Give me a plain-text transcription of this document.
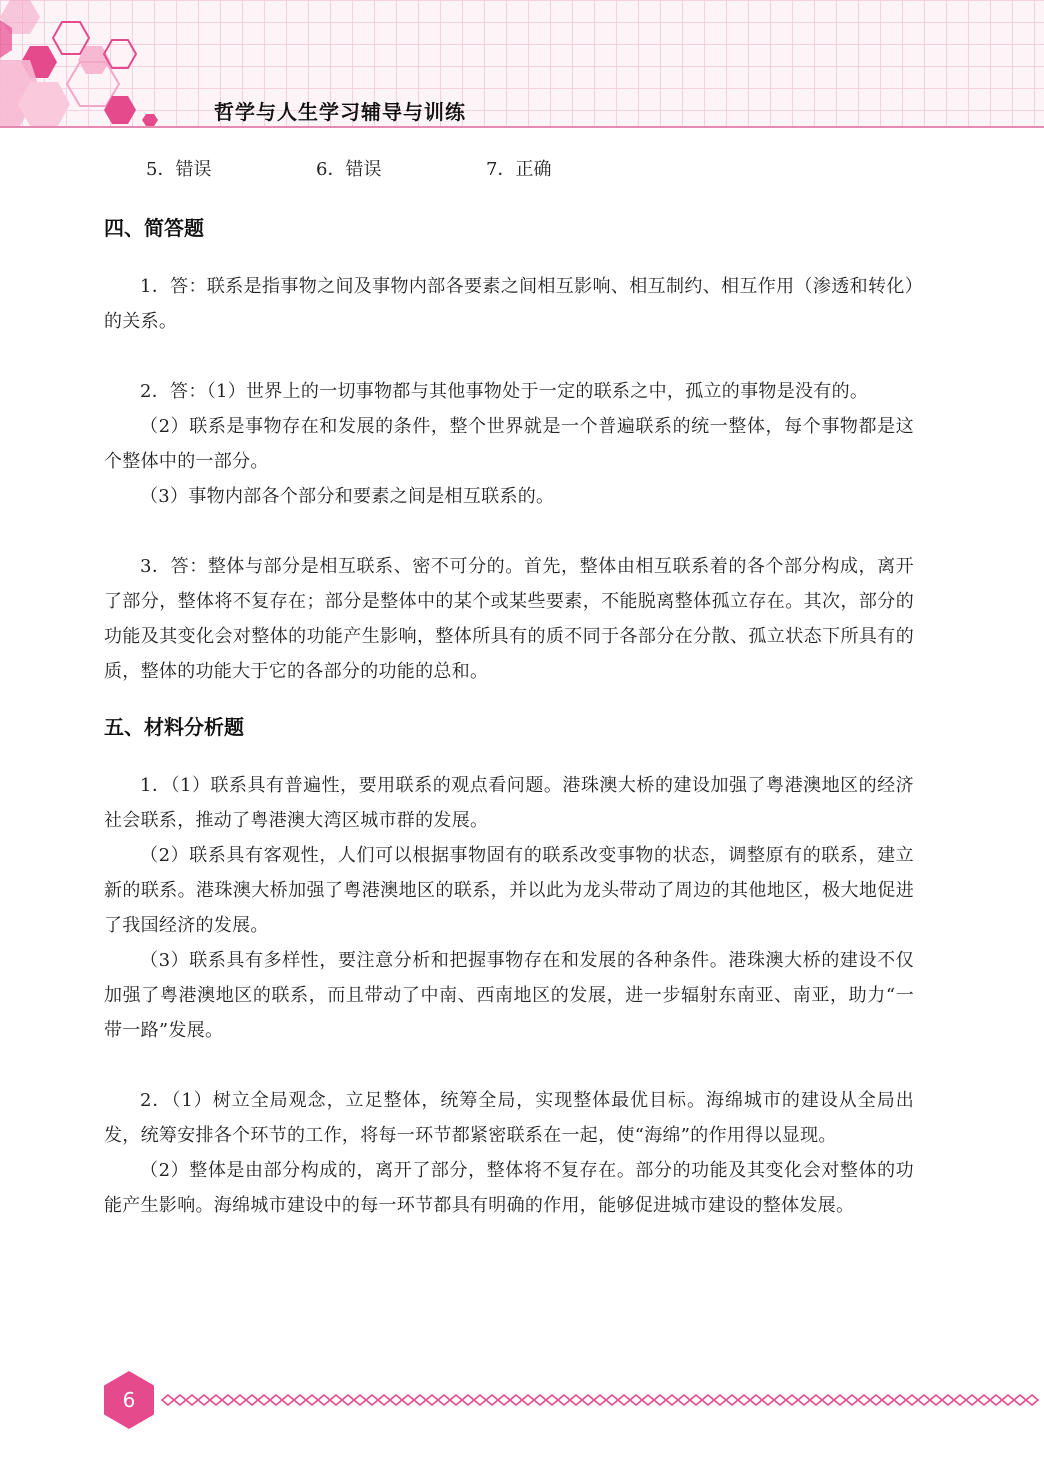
哲学与人生学习辅导与训练
5．错误	6．错误	7．正确
四、简答题

1．答：联系是指事物之间及事物内部各要素之间相互影响、相互制约、相互作用（渗透和转化）的关系。

2．答：（1）世界上的一切事物都与其他事物处于一定的联系之中，孤立的事物是没有的。

（2）联系是事物存在和发展的条件，整个世界就是一个普遍联系的统一整体，每个事物都是这个整体中的一部分。

（3）事物内部各个部分和要素之间是相互联系的。

3．答：整体与部分是相互联系、密不可分的。首先，整体由相互联系着的各个部分构成，离开了部分，整体将不复存在；部分是整体中的某个或某些要素，不能脱离整体孤立存在。其次，部分的功能及其变化会对整体的功能产生影响，整体所具有的质不同于各部分在分散、孤立状态下所具有的质，整体的功能大于它的各部分的功能的总和。

五、材料分析题

1．（1）联系具有普遍性，要用联系的观点看问题。港珠澳大桥的建设加强了粤港澳地区的经济社会联系，推动了粤港澳大湾区城市群的发展。

（2）联系具有客观性，人们可以根据事物固有的联系改变事物的状态，调整原有的联系，建立新的联系。港珠澳大桥加强了粤港澳地区的联系，并以此为龙头带动了周边的其他地区，极大地促进了我国经济的发展。

（3）联系具有多样性，要注意分析和把握事物存在和发展的各种条件。港珠澳大桥的建设不仅加强了粤港澳地区的联系，而且带动了中南、西南地区的发展，进一步辐射东南亚、南亚，助力“一带一路”发展。

2．（1）树立全局观念，立足整体，统筹全局，实现整体最优目标。海绵城市的建设从全局出发，统筹安排各个环节的工作，将每一环节都紧密联系在一起，使“海绵”的作用得以显现。

（2）整体是由部分构成的，离开了部分，整体将不复存在。部分的功能及其变化会对整体的功能产生影响。海绵城市建设中的每一环节都具有明确的作用，能够促进城市建设的整体发展。

6
